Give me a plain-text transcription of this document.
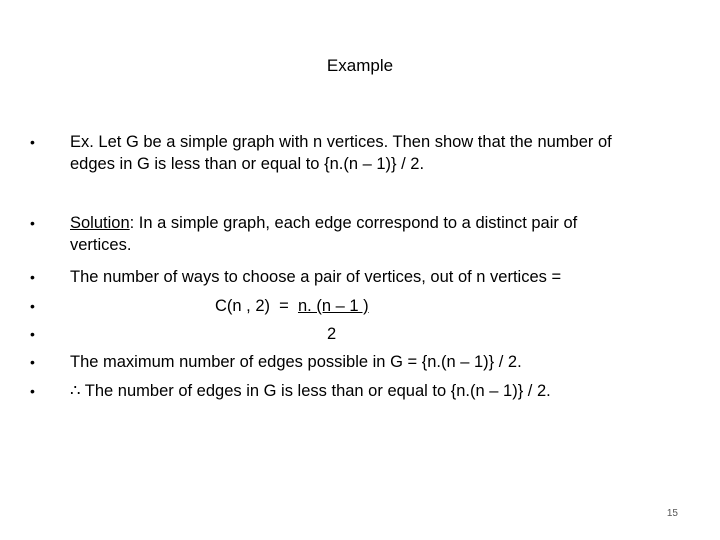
Example
• Ex. Let G be a simple graph with n vertices. Then show that the number of
edges in G is less than or equal to {n.(n – 1)} / 2.
• Solution: In a simple graph, each edge correspond to a distinct pair of
vertices.
• The number of ways to choose a pair of vertices, out of n vertices =
•	C(n , 2)  =  n. (n – 1 )
•	2
• The maximum number of edges possible in G = {n.(n – 1)} / 2.
• ∴ The number of edges in G is less than or equal to {n.(n – 1)} / 2.
15
